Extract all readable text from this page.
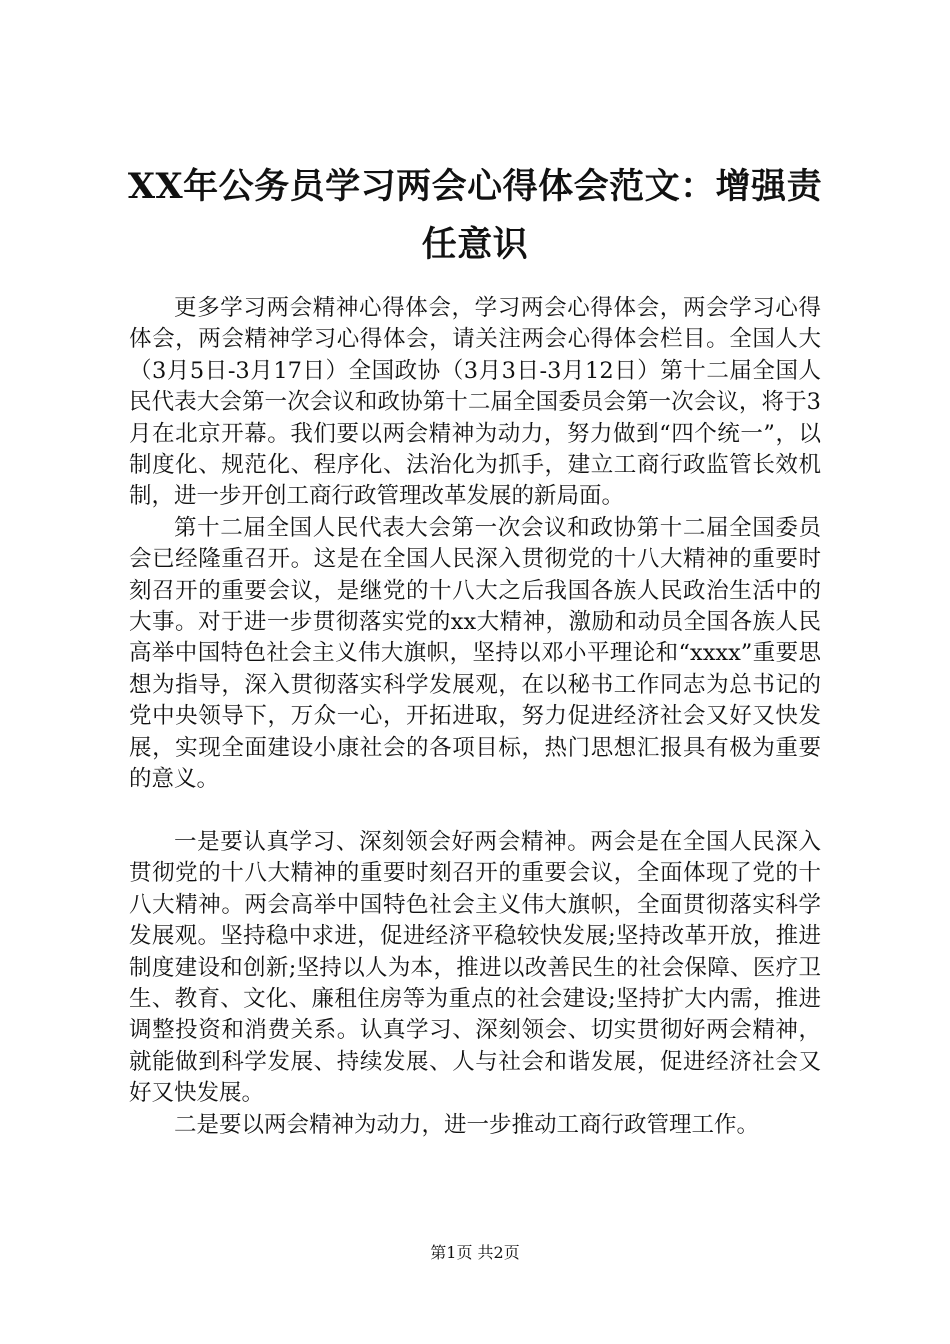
XX年公务员学习两会心得体会范文：增强责任意识

更多学习两会精神心得体会，学习两会心得体会，两会学习心得体会，两会精神学习心得体会，请关注两会心得体会栏目。全国人大（3月5日-3月17日）全国政协（3月3日-3月12日）第十二届全国人民代表大会第一次会议和政协第十二届全国委员会第一次会议，将于3月在北京开幕。我们要以两会精神为动力，努力做到“四个统一”，以制度化、规范化、程序化、法治化为抓手，建立工商行政监管长效机制，进一步开创工商行政管理改革发展的新局面。

第十二届全国人民代表大会第一次会议和政协第十二届全国委员会已经隆重召开。这是在全国人民深入贯彻党的十八大精神的重要时刻召开的重要会议，是继党的十八大之后我国各族人民政治生活中的大事。对于进一步贯彻落实党的xx大精神，激励和动员全国各族人民高举中国特色社会主义伟大旗帜，坚持以邓小平理论和“xxxx”重要思想为指导，深入贯彻落实科学发展观，在以秘书工作同志为总书记的党中央领导下，万众一心，开拓进取，努力促进经济社会又好又快发展，实现全面建设小康社会的各项目标，热门思想汇报具有极为重要的意义。

一是要认真学习、深刻领会好两会精神。两会是在全国人民深入贯彻党的十八大精神的重要时刻召开的重要会议，全面体现了党的十八大精神。两会高举中国特色社会主义伟大旗帜，全面贯彻落实科学发展观。坚持稳中求进，促进经济平稳较快发展;坚持改革开放，推进制度建设和创新;坚持以人为本，推进以改善民生的社会保障、医疗卫生、教育、文化、廉租住房等为重点的社会建设;坚持扩大内需，推进调整投资和消费关系。认真学习、深刻领会、切实贯彻好两会精神，就能做到科学发展、持续发展、人与社会和谐发展，促进经济社会又好又快发展。

二是要以两会精神为动力，进一步推动工商行政管理工作。

第1页 共2页
